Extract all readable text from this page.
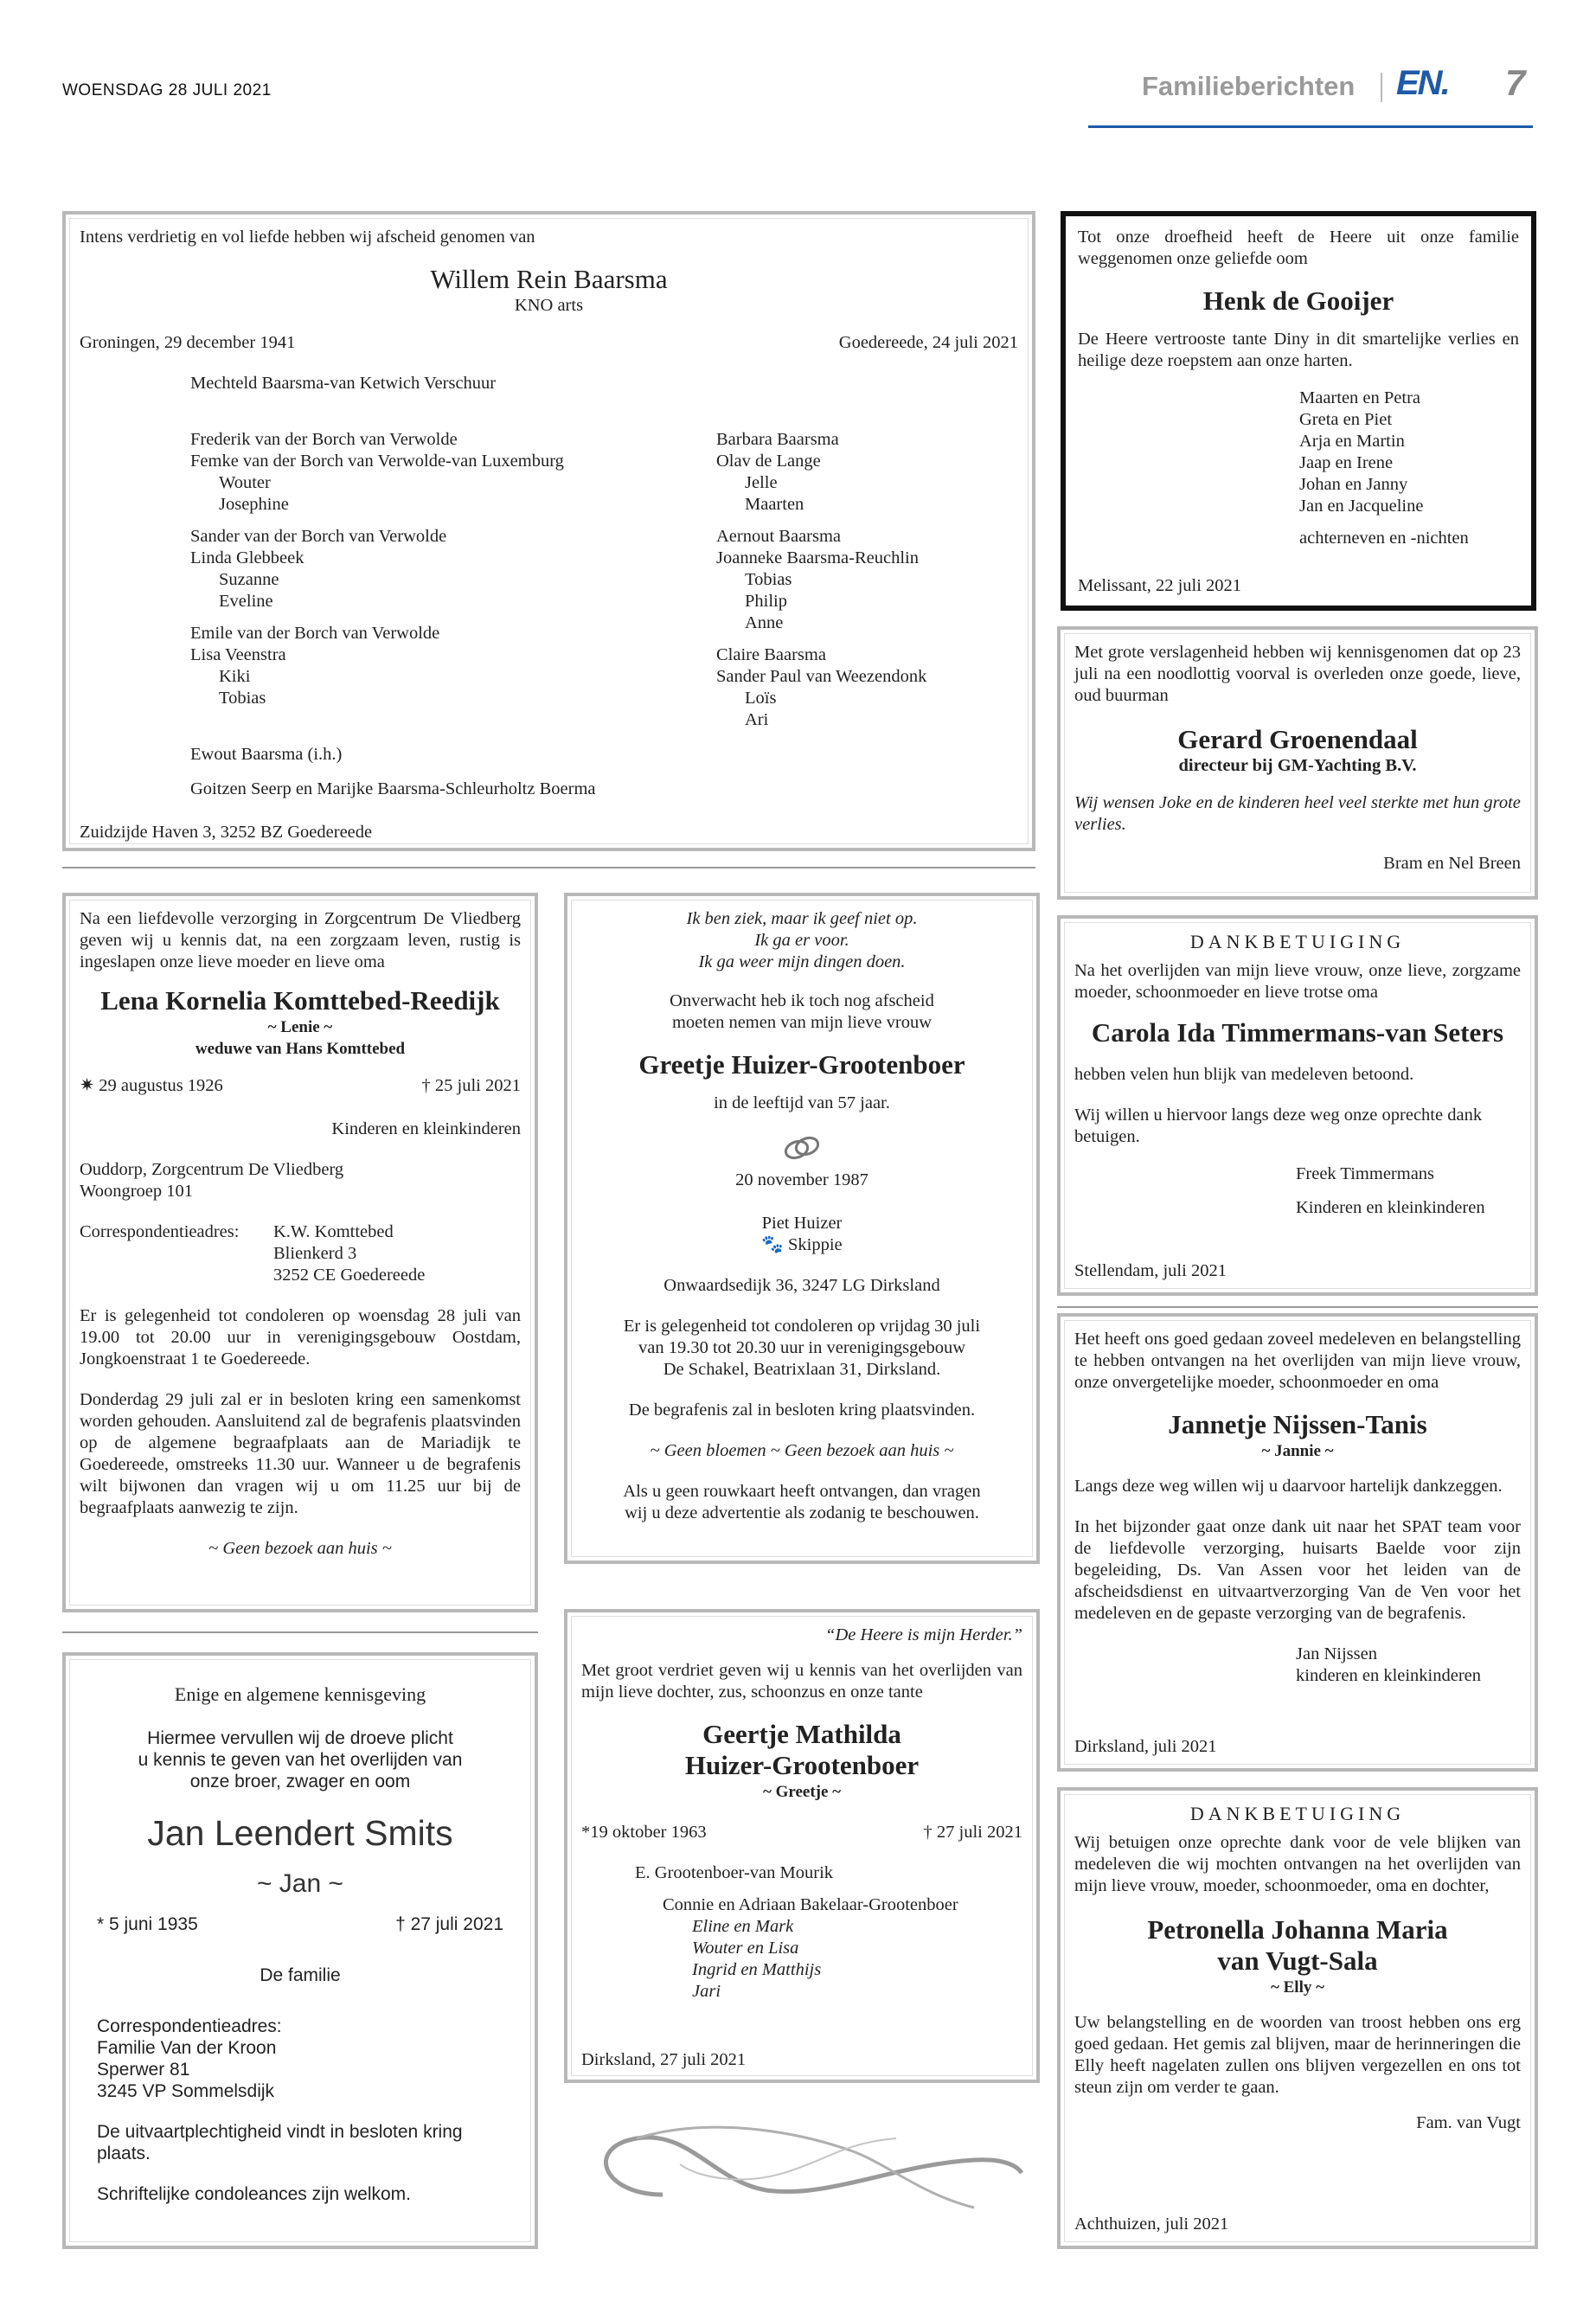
WOENSDAG 28 JULI 2021	Familieberichten EN. 7

Intens verdrietig en vol liefde hebben wij afscheid genomen van

Willem Rein Baarsma

KNO arts

Groningen, 29 december 1941	Goedereede, 24 juli 2021

Mechteld Baarsma-van Ketwich Verschuur

Frederik van der Borch van Verwolde

Femke van der Borch van Verwolde-van Luxemburg

Wouter

Josephine

Sander van der Borch van Verwolde

Linda Glebbeek

Suzanne

Eveline

Emile van der Borch van Verwolde

Lisa Veenstra

Kiki

Tobias

Barbara Baarsma

Olav de Lange

Jelle

Maarten

Aernout Baarsma

Joanneke Baarsma-Reuchlin

Tobias

Philip

Anne

Claire Baarsma

Sander Paul van Weezendonk

Loïs

Ari

Ewout Baarsma (i.h.)

Goitzen Seerp en Marijke Baarsma-Schleurholtz Boerma

Zuidzijde Haven 3, 3252 BZ Goedereede

Tot onze droefheid heeft de Heere uit onze familie weggenomen onze geliefde oom

Henk de Gooijer

De Heere vertrooste tante Diny in dit smartelijke verlies en heilige deze roepstem aan onze harten.

Maarten en Petra
Greta en Piet
Arja en Martin
Jaap en Irene
Johan en Janny
Jan en Jacqueline

achterneven en -nichten

Melissant, 22 juli 2021

Met grote verslagenheid hebben wij kennisgenomen dat op 23 juli na een noodlottig voorval is overleden onze goede, lieve, oud buurman

Gerard Groenendaal

directeur bij GM-Yachting B.V.

Wij wensen Joke en de kinderen heel veel sterkte met hun grote verlies.

Bram en Nel Breen

DANKBETUIGING

Na het overlijden van mijn lieve vrouw, onze lieve, zorgzame moeder, schoonmoeder en lieve trotse oma

Carola Ida Timmermans-van Seters

hebben velen hun blijk van medeleven betoond.

Wij willen u hiervoor langs deze weg onze oprechte dank betuigen.

Freek Timmermans

Kinderen en kleinkinderen

Stellendam, juli 2021

Na een liefdevolle verzorging in Zorgcentrum De Vliedberg geven wij u kennis dat, na een zorgzaam leven, rustig is ingeslapen onze lieve moeder en lieve oma

Lena Kornelia Komttebed-Reedijk

~ Lenie ~

weduwe van Hans Komttebed

✷ 29 augustus 1926	† 25 juli 2021

Kinderen en kleinkinderen

Ouddorp, Zorgcentrum De Vliedberg

Woongroep 101

Correspondentieadres:	K.W. Komttebed

Blienkerd 3

3252 CE Goedereede

Er is gelegenheid tot condoleren op woensdag 28 juli van 19.00 tot 20.00 uur in verenigingsgebouw Oostdam, Jongkoenstraat 1 te Goedereede.

Donderdag 29 juli zal er in besloten kring een samenkomst worden gehouden. Aansluitend zal de begrafenis plaatsvinden op de algemene begraafplaats aan de Mariadijk te Goedereede, omstreeks 11.30 uur. Wanneer u de begrafenis wilt bijwonen dan vragen wij u om 11.25 uur bij de begraafplaats aanwezig te zijn.

~ Geen bezoek aan huis ~

Ik ben ziek, maar ik geef niet op.

Ik ga er voor.

Ik ga weer mijn dingen doen.

Onverwacht heb ik toch nog afscheid

moeten nemen van mijn lieve vrouw

Greetje Huizer-Grootenboer

in de leeftijd van 57 jaar.

20 november 1987

Piet Huizer

🐾 Skippie

Onwaardsedijk 36, 3247 LG Dirksland

Er is gelegenheid tot condoleren op vrijdag 30 juli

van 19.30 tot 20.30 uur in verenigingsgebouw

De Schakel, Beatrixlaan 31, Dirksland.

De begrafenis zal in besloten kring plaatsvinden.

~ Geen bloemen ~ Geen bezoek aan huis ~

Als u geen rouwkaart heeft ontvangen, dan vragen

wij u deze advertentie als zodanig te beschouwen.

Enige en algemene kennisgeving

Hiermee vervullen wij de droeve plicht

u kennis te geven van het overlijden van

onze broer, zwager en oom

Jan Leendert Smits
~ Jan ~

* 5 juni 1935	† 27 juli 2021

De familie

Correspondentieadres:

Familie Van der Kroon

Sperwer 81

3245 VP Sommelsdijk

De uitvaartplechtigheid vindt in besloten kring plaats.

Schriftelijke condoleances zijn welkom.

“De Heere is mijn Herder.”

Met groot verdriet geven wij u kennis van het overlijden van mijn lieve dochter, zus, schoonzus en onze tante

Geertje Mathilda
Huizer-Grootenboer

~ Greetje ~

*19 oktober 1963	† 27 juli 2021

E. Grootenboer-van Mourik

Connie en Adriaan Bakelaar-Grootenboer

Eline en Mark
Wouter en Lisa
Ingrid en Matthijs
Jari

Dirksland, 27 juli 2021

Het heeft ons goed gedaan zoveel medeleven en belangstelling te hebben ontvangen na het overlijden van mijn lieve vrouw, onze onvergetelijke moeder, schoonmoeder en oma

Jannetje Nijssen-Tanis

~ Jannie ~

Langs deze weg willen wij u daarvoor hartelijk dankzeggen.

In het bijzonder gaat onze dank uit naar het SPAT team voor de liefdevolle verzorging, huisarts Baelde voor zijn begeleiding, Ds. Van Assen voor het leiden van de afscheidsdienst en uitvaartverzorging Van de Ven voor het medeleven en de gepaste verzorging van de begrafenis.

Jan Nijssen

kinderen en kleinkinderen

Dirksland, juli 2021

DANKBETUIGING

Wij betuigen onze oprechte dank voor de vele blijken van medeleven die wij mochten ontvangen na het overlijden van mijn lieve vrouw, moeder, schoonmoeder, oma en dochter,

Petronella Johanna Maria
van Vugt-Sala

~ Elly ~

Uw belangstelling en de woorden van troost hebben ons erg goed gedaan. Het gemis zal blijven, maar de herinneringen die Elly heeft nagelaten zullen ons blijven vergezellen en ons tot steun zijn om verder te gaan.

Fam. van Vugt

Achthuizen, juli 2021
